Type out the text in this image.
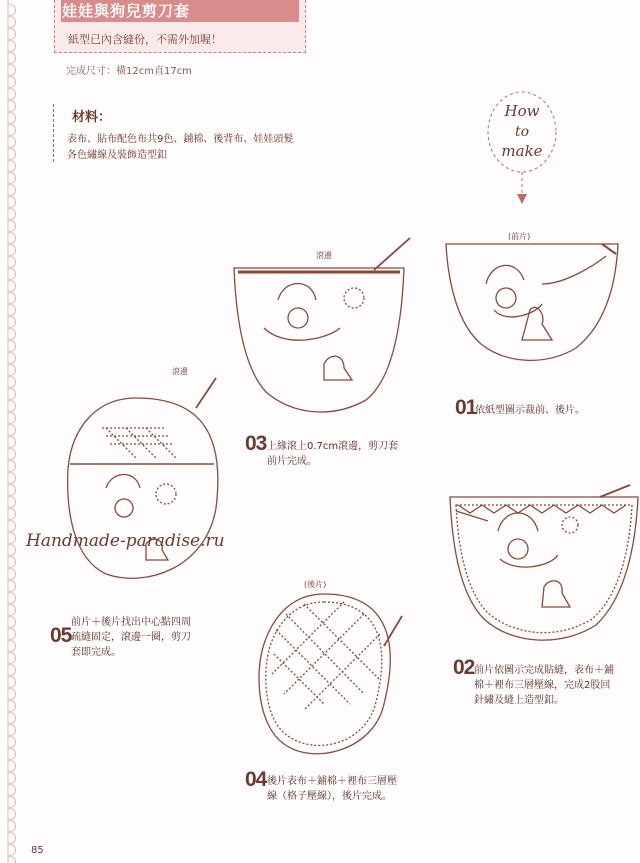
娃娃與狗兒剪刀套
紙型已內含縫份，不需外加喔！
完成尺寸：橫12cm直17cm
材料：
表布、貼布配色布共9色、鋪棉、後背布、娃娃頭髮
各色繡線及裝飾造型釦
How
to
make
(前片)
滾邊
滾邊
(後片)
01
依紙型圖示裁前、後片。
02 前片依圖示完成貼縫，表布＋鋪
棉＋裡布三層壓線，完成2股回
針繡及縫上造型釦。
03 上緣滾上0.7cm滾邊，剪刀套
前片完成。
04 後片表布＋鋪棉＋裡布三層壓
線（格子壓線），後片完成。
05
前片＋後片找出中心點四周
疏縫固定，滾邊一圈，剪刀
套即完成。
Handmade-paradise.ru
85
